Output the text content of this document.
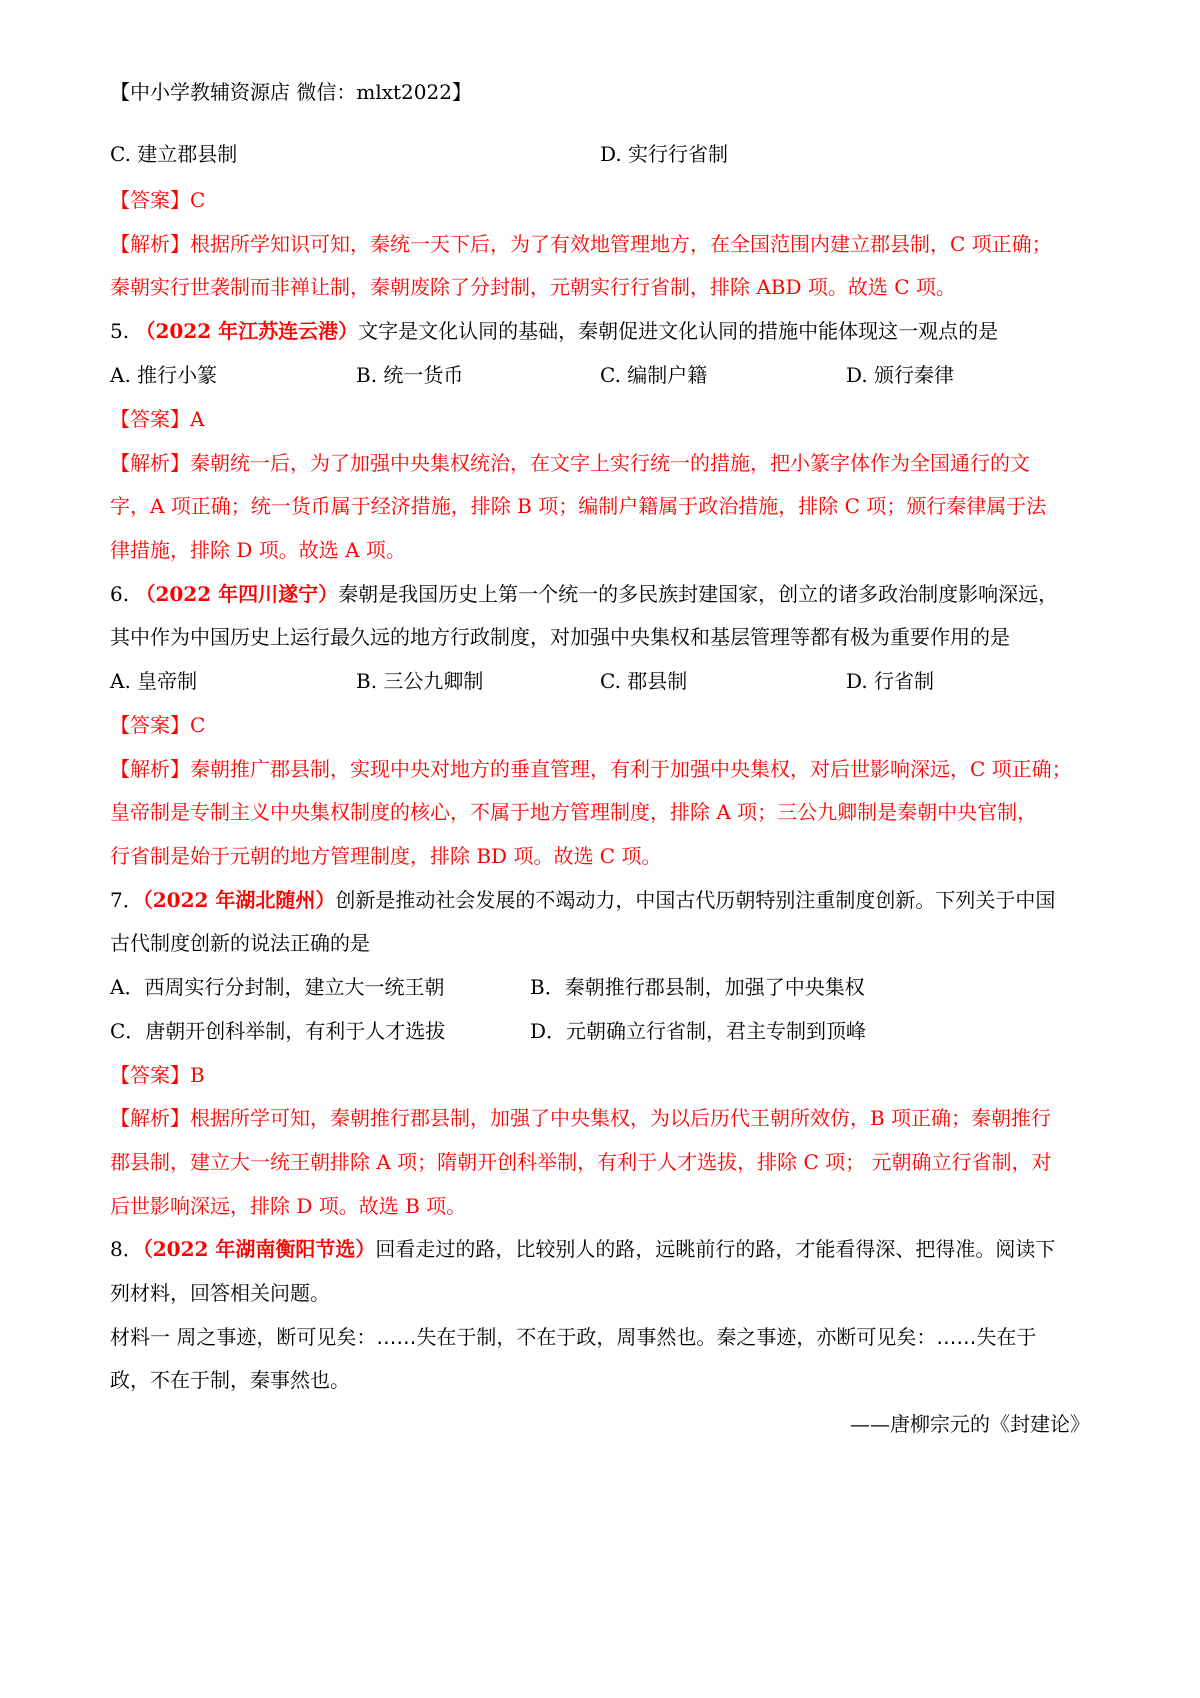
【中小学教辅资源店 微信：mlxt2022】
C. 建立郡县制	D. 实行行省制
【答案】C
【解析】根据所学知识可知，秦统一天下后，为了有效地管理地方，在全国范围内建立郡县制，C 项正确；
秦朝实行世袭制而非禅让制，秦朝废除了分封制，元朝实行行省制，排除 ABD 项。故选 C 项。
5. （2022 年江苏连云港）文字是文化认同的基础，秦朝促进文化认同的措施中能体现这一观点的是
A. 推行小篆	B. 统一货币	C. 编制户籍	D. 颁行秦律
【答案】A
【解析】秦朝统一后，为了加强中央集权统治，在文字上实行统一的措施，把小篆字体作为全国通行的文
字，A 项正确；统一货币属于经济措施，排除 B 项；编制户籍属于政治措施，排除 C 项；颁行秦律属于法
律措施，排除 D 项。故选 A 项。
6. （2022 年四川遂宁）秦朝是我国历史上第一个统一的多民族封建国家，创立的诸多政治制度影响深远，
其中作为中国历史上运行最久远的地方行政制度，对加强中央集权和基层管理等都有极为重要作用的是
A. 皇帝制	B. 三公九卿制	C. 郡县制	D. 行省制
【答案】C
【解析】秦朝推广郡县制，实现中央对地方的垂直管理，有利于加强中央集权，对后世影响深远，C 项正确；
皇帝制是专制主义中央集权制度的核心，不属于地方管理制度，排除 A 项；三公九卿制是秦朝中央官制，
行省制是始于元朝的地方管理制度，排除 BD 项。故选 C 项。
7．（2022 年湖北随州）创新是推动社会发展的不竭动力，中国古代历朝特别注重制度创新。下列关于中国
古代制度创新的说法正确的是
A．西周实行分封制，建立大一统王朝	B．秦朝推行郡县制，加强了中央集权
C．唐朝开创科举制，有利于人才选拔	D．元朝确立行省制，君主专制到顶峰
【答案】B
【解析】根据所学可知，秦朝推行郡县制，加强了中央集权，为以后历代王朝所效仿，B 项正确；秦朝推行
郡县制，建立大一统王朝排除 A 项；隋朝开创科举制，有利于人才选拔，排除 C 项； 元朝确立行省制，对
后世影响深远，排除 D 项。故选 B 项。
8．（2022 年湖南衡阳节选）回看走过的路，比较别人的路，远眺前行的路，才能看得深、把得准。阅读下
列材料，回答相关问题。
材料一 周之事迹，断可见矣：……失在于制，不在于政，周事然也。秦之事迹，亦断可见矣：……失在于
政，不在于制，秦事然也。
——唐柳宗元的《封建论》
